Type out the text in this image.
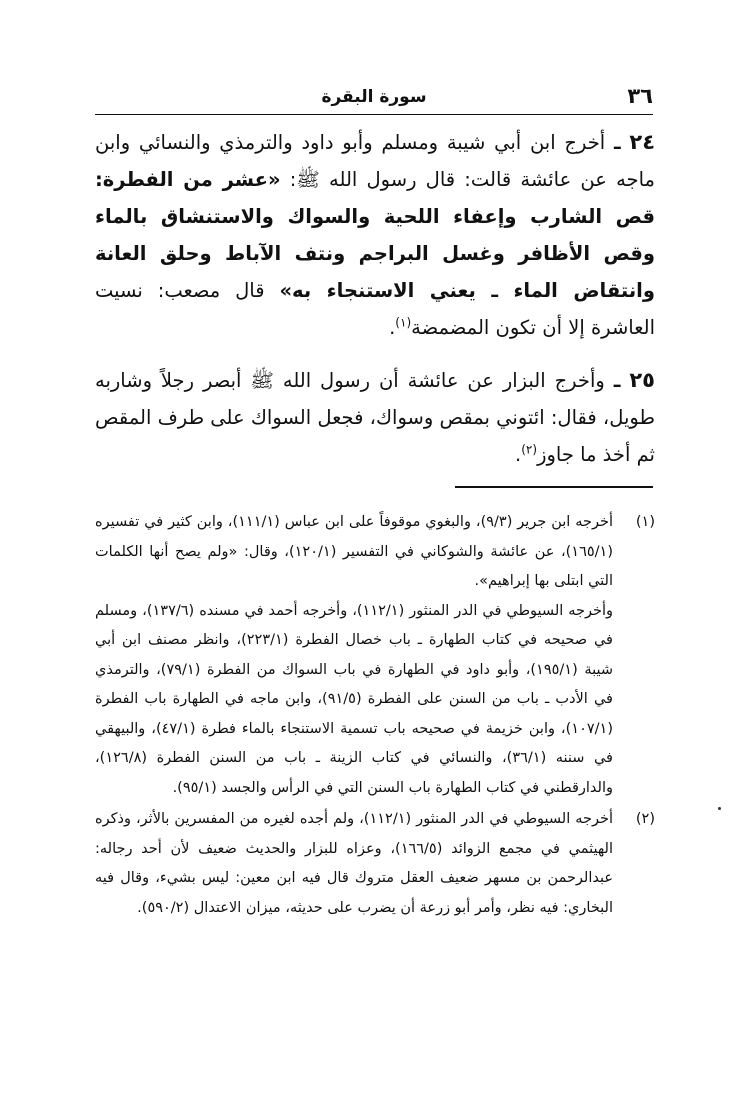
٣٦
سورة البقرة

٢٤ ـ أخرج ابن أبي شيبة ومسلم وأبو داود والترمذي والنسائي وابن ماجه عن عائشة قالت: قال رسول الله ﷺ: «عشر من الفطرة: قص الشارب وإعفاء اللحية والسواك والاستنشاق بالماء وقص الأظافر وغسل البراجم ونتف الآباط وحلق العانة وانتقاض الماء ـ يعني الاستنجاء به» قال مصعب: نسيت العاشرة إلا أن تكون المضمضة$^{(١)}$.

٢٥ ـ وأخرج البزار عن عائشة أن رسول الله ﷺ أبصر رجلاً وشاربه طويل، فقال: ائتوني بمقص وسواك، فجعل السواك على طرف المقص ثم أخذ ما جاوز$^{(٢)}$.

(١)
أخرجه ابن جرير (٩/٣)، والبغوي موقوفاً على ابن عباس (١١١/١)، وابن كثير في تفسيره (١٦٥/١)، عن عائشة والشوكاني في التفسير (١٢٠/١)، وقال: «ولم يصح أنها الكلمات التي ابتلى بها إبراهيم».
وأخرجه السيوطي في الدر المنثور (١١٢/١)، وأخرجه أحمد في مسنده (١٣٧/٦)، ومسلم في صحيحه في كتاب الطهارة ـ باب خصال الفطرة (٢٢٣/١)، وانظر مصنف ابن أبي شيبة (١٩٥/١)، وأبو داود في الطهارة في باب السواك من الفطرة (٧٩/١)، والترمذي في الأدب ـ باب من السنن على الفطرة (٩١/٥)، وابن ماجه في الطهارة باب الفطرة (١٠٧/١)، وابن خزيمة في صحيحه باب تسمية الاستنجاء بالماء فطرة (٤٧/١)، والبيهقي في سننه (٣٦/١)، والنسائي في كتاب الزينة ـ باب من السنن الفطرة (١٢٦/٨)، والدارقطني في كتاب الطهارة باب السنن التي في الرأس والجسد (٩٥/١).
(٢)
أخرجه السيوطي في الدر المنثور (١١٢/١)، ولم أجده لغيره من المفسرين بالأثر، وذكره الهيثمي في مجمع الزوائد (١٦٦/٥)، وعزاه للبزار والحديث ضعيف لأن أحد رجاله: عبدالرحمن بن مسهر ضعيف العقل متروك قال فيه ابن معين: ليس بشيء، وقال فيه البخاري: فيه نظر، وأمر أبو زرعة أن يضرب على حديثه، ميزان الاعتدال (٥٩٠/٢).
